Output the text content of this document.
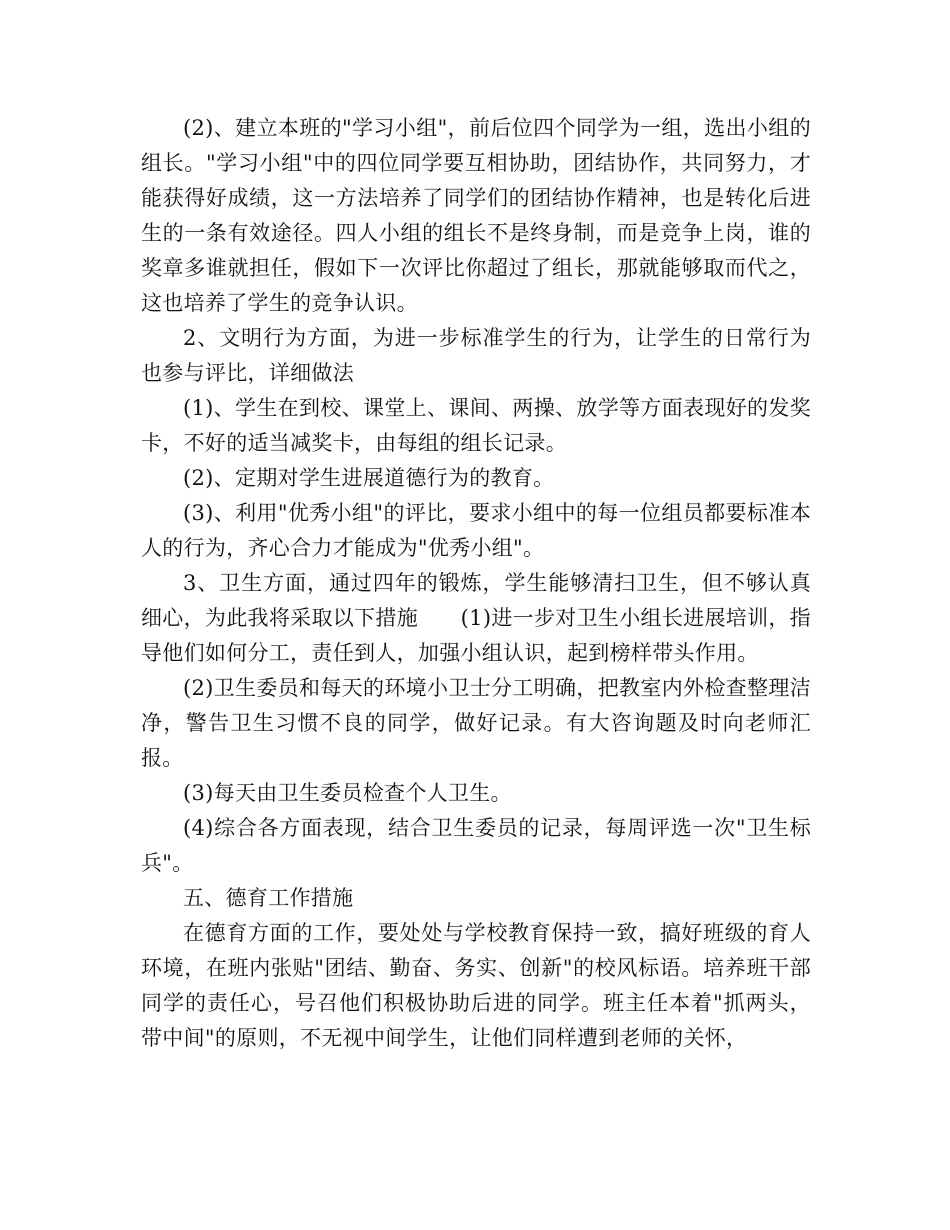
(2)、建立本班的"学习小组"，前后位四个同学为一组，选出小组的组长。"学习小组"中的四位同学要互相协助，团结协作，共同努力，才能获得好成绩，这一方法培养了同学们的团结协作精神，也是转化后进生的一条有效途径。四人小组的组长不是终身制，而是竞争上岗，谁的奖章多谁就担任，假如下一次评比你超过了组长，那就能够取而代之，这也培养了学生的竞争认识。

2、文明行为方面，为进一步标准学生的行为，让学生的日常行为也参与评比，详细做法

(1)、学生在到校、课堂上、课间、两操、放学等方面表现好的发奖卡，不好的适当减奖卡，由每组的组长记录。

(2)、定期对学生进展道德行为的教育。

(3)、利用"优秀小组"的评比，要求小组中的每一位组员都要标准本人的行为，齐心合力才能成为"优秀小组"。

3、卫生方面，通过四年的锻炼，学生能够清扫卫生，但不够认真细心，为此我将采取以下措施　　(1)进一步对卫生小组长进展培训，指导他们如何分工，责任到人，加强小组认识，起到榜样带头作用。

(2)卫生委员和每天的环境小卫士分工明确，把教室内外检查整理洁净，警告卫生习惯不良的同学，做好记录。有大咨询题及时向老师汇报。

(3)每天由卫生委员检查个人卫生。

(4)综合各方面表现，结合卫生委员的记录，每周评选一次"卫生标兵"。

五、德育工作措施

在德育方面的工作，要处处与学校教育保持一致，搞好班级的育人环境，在班内张贴"团结、勤奋、务实、创新"的校风标语。培养班干部同学的责任心，号召他们积极协助后进的同学。班主任本着"抓两头，带中间"的原则，不无视中间学生，让他们同样遭到老师的关怀，
